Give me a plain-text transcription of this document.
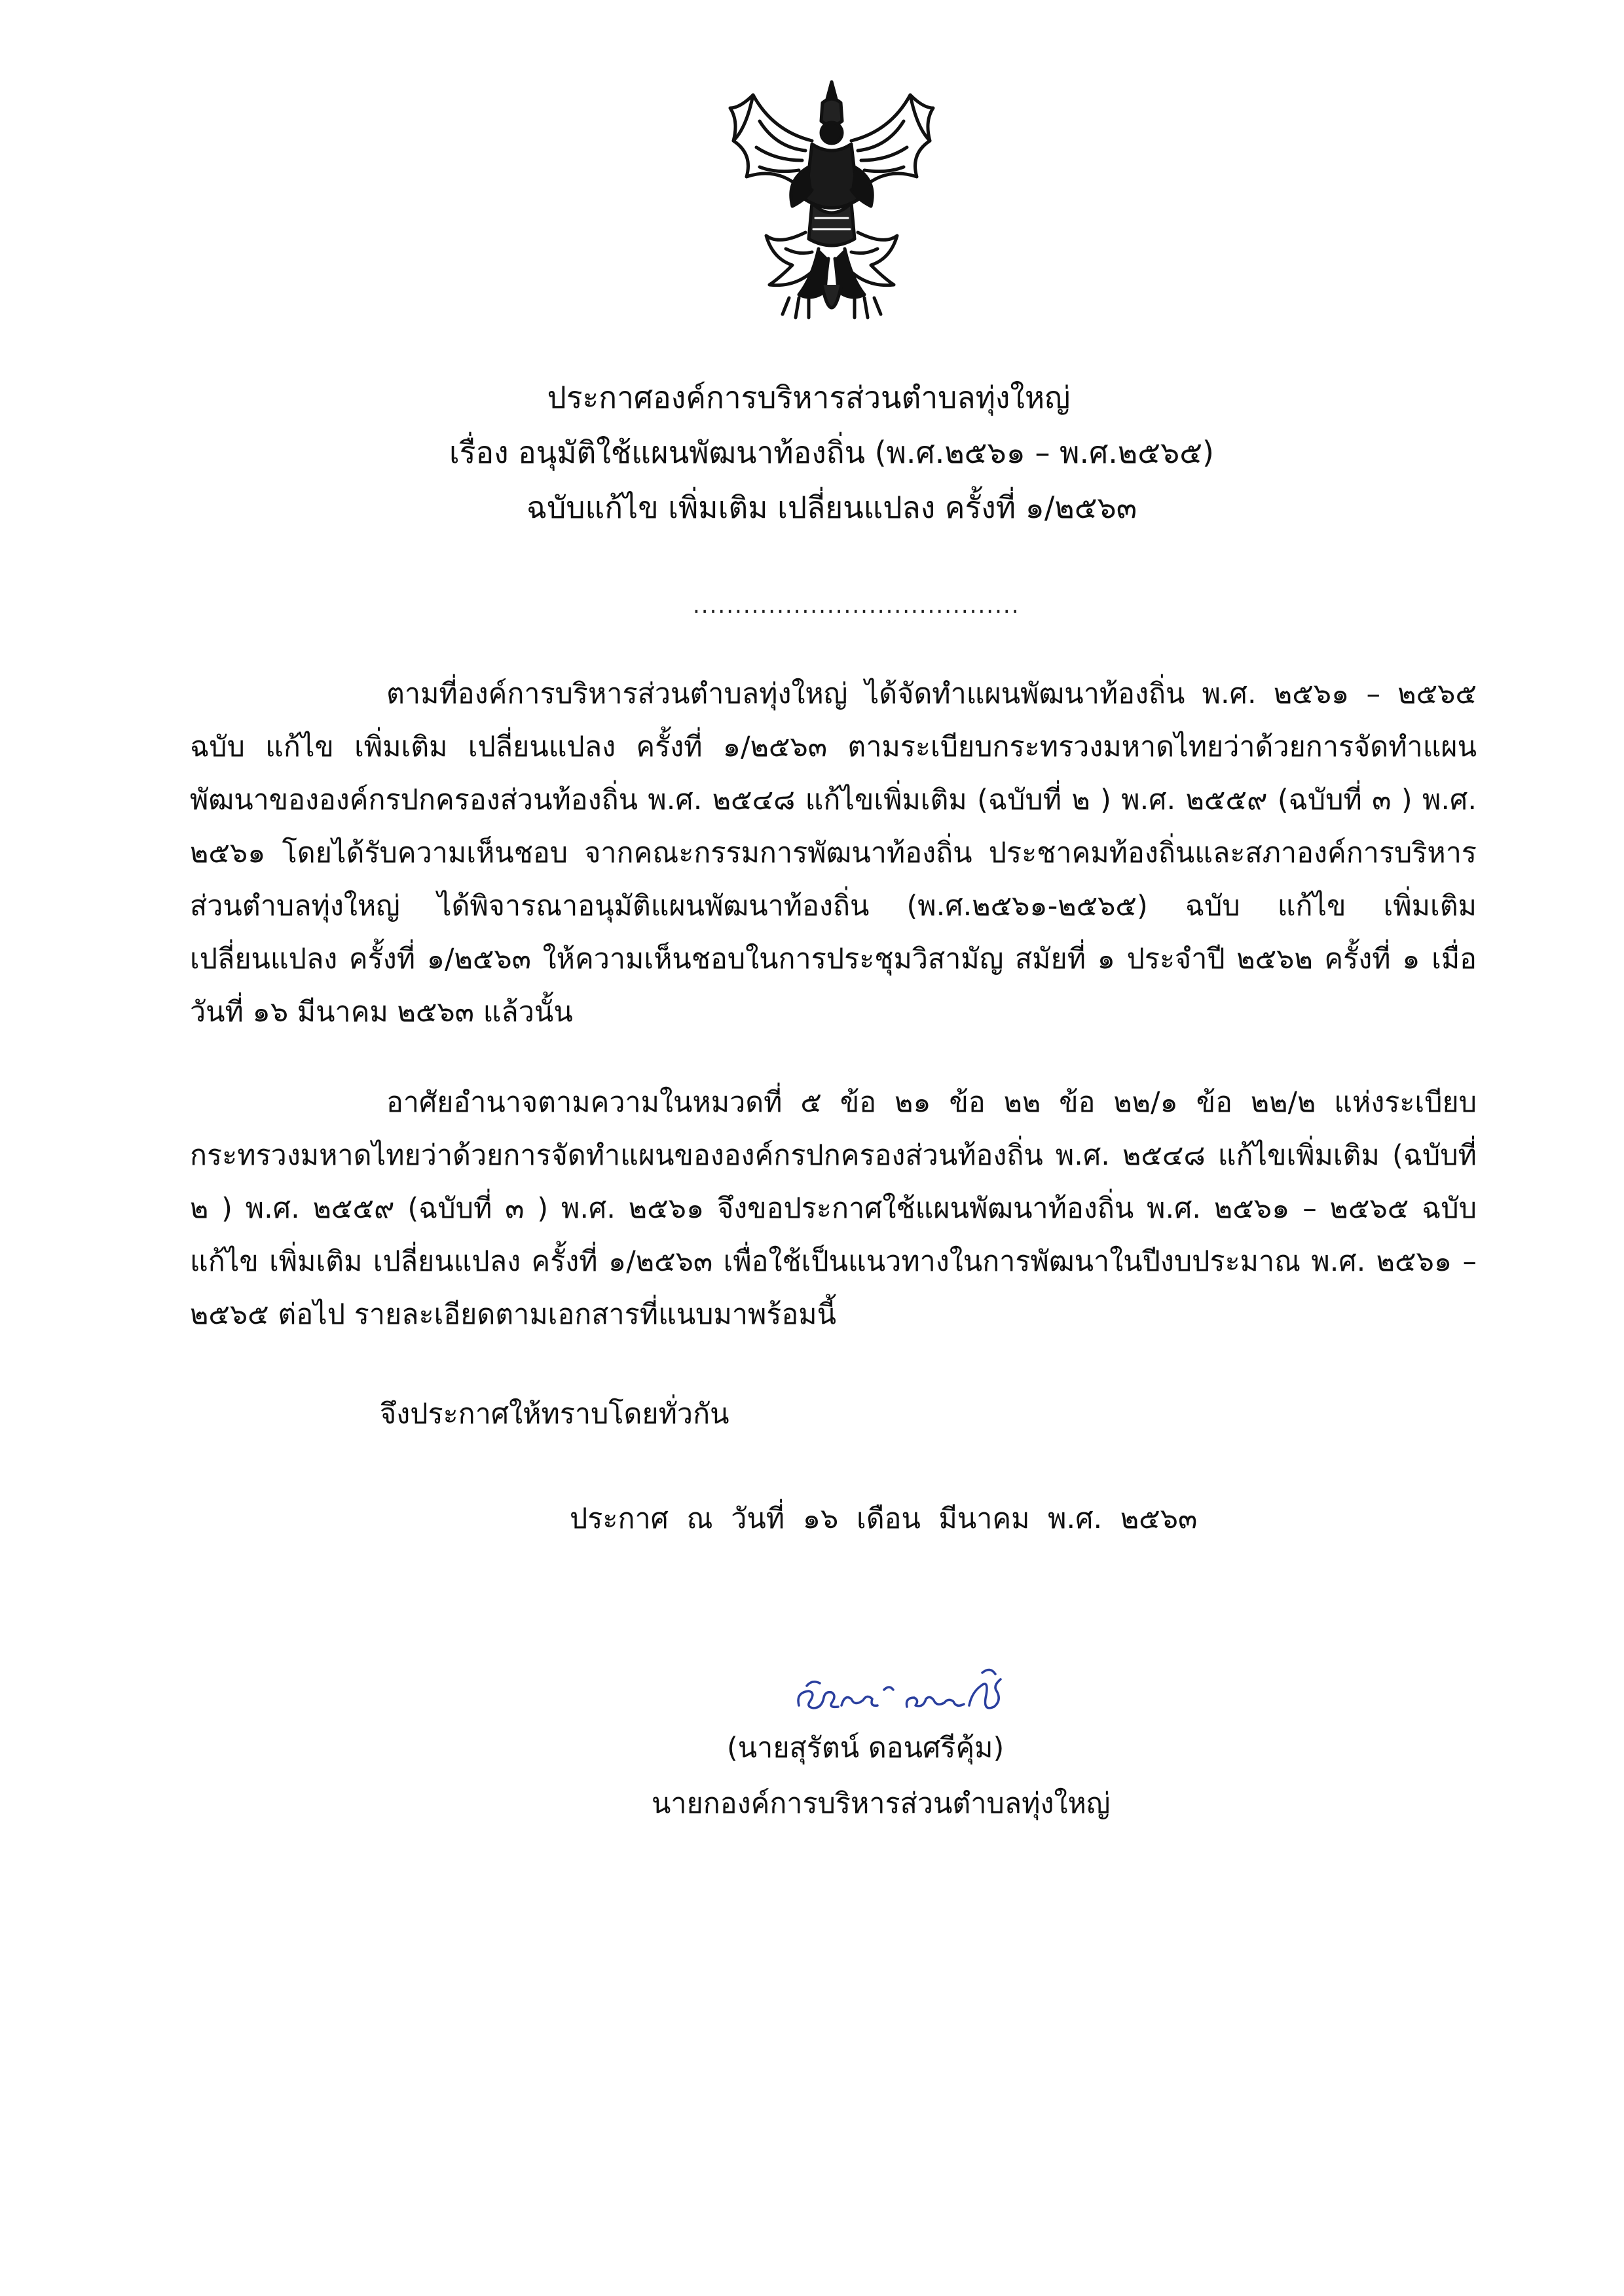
ประกาศองค์การบริหารส่วนตำบลทุ่งใหญ่
เรื่อง อนุมัติใช้แผนพัฒนาท้องถิ่น (พ.ศ.๒๕๖๑ – พ.ศ.๒๕๖๕)
ฉบับแก้ไข เพิ่มเติม เปลี่ยนแปลง ครั้งที่ ๑/๒๕๖๓
.......................................

ตามที่องค์การบริหารส่วนตำบลทุ่งใหญ่ ได้จัดทำแผนพัฒนาท้องถิ่น พ.ศ. ๒๕๖๑ – ๒๕๖๕ ฉบับ แก้ไข เพิ่มเติม เปลี่ยนแปลง ครั้งที่ ๑/๒๕๖๓ ตามระเบียบกระทรวงมหาดไทยว่าด้วยการจัดทำแผนพัฒนาขององค์กรปกครองส่วนท้องถิ่น พ.ศ. ๒๕๔๘ แก้ไขเพิ่มเติม (ฉบับที่ ๒ ) พ.ศ. ๒๕๕๙ (ฉบับที่ ๓ ) พ.ศ. ๒๕๖๑ โดยได้รับความเห็นชอบ จากคณะกรรมการพัฒนาท้องถิ่น ประชาคมท้องถิ่นและสภาองค์การบริหารส่วนตำบลทุ่งใหญ่ ได้พิจารณาอนุมัติแผนพัฒนาท้องถิ่น (พ.ศ.๒๕๖๑-๒๕๖๕) ฉบับ แก้ไข เพิ่มเติม เปลี่ยนแปลง ครั้งที่ ๑/๒๕๖๓ ให้ความเห็นชอบในการประชุมวิสามัญ สมัยที่ ๑ ประจำปี ๒๕๖๒ ครั้งที่ ๑ เมื่อวันที่ ๑๖ มีนาคม ๒๕๖๓ แล้วนั้น

อาศัยอำนาจตามความในหมวดที่ ๕ ข้อ ๒๑ ข้อ ๒๒ ข้อ ๒๒/๑ ข้อ ๒๒/๒ แห่งระเบียบกระทรวงมหาดไทยว่าด้วยการจัดทำแผนขององค์กรปกครองส่วนท้องถิ่น พ.ศ. ๒๕๔๘ แก้ไขเพิ่มเติม (ฉบับที่ ๒ ) พ.ศ. ๒๕๕๙ (ฉบับที่ ๓ ) พ.ศ. ๒๕๖๑ จึงขอประกาศใช้แผนพัฒนาท้องถิ่น พ.ศ. ๒๕๖๑ – ๒๕๖๕ ฉบับ แก้ไข เพิ่มเติม เปลี่ยนแปลง ครั้งที่ ๑/๒๕๖๓ เพื่อใช้เป็นแนวทางในการพัฒนาในปีงบประมาณ พ.ศ. ๒๕๖๑ – ๒๕๖๕ ต่อไป รายละเอียดตามเอกสารที่แนบมาพร้อมนี้

จึงประกาศให้ทราบโดยทั่วกัน
ประกาศ ณ วันที่ ๑๖ เดือน มีนาคม พ.ศ. ๒๕๖๓
(นายสุรัตน์ ดอนศรีคุ้ม)
นายกองค์การบริหารส่วนตำบลทุ่งใหญ่
